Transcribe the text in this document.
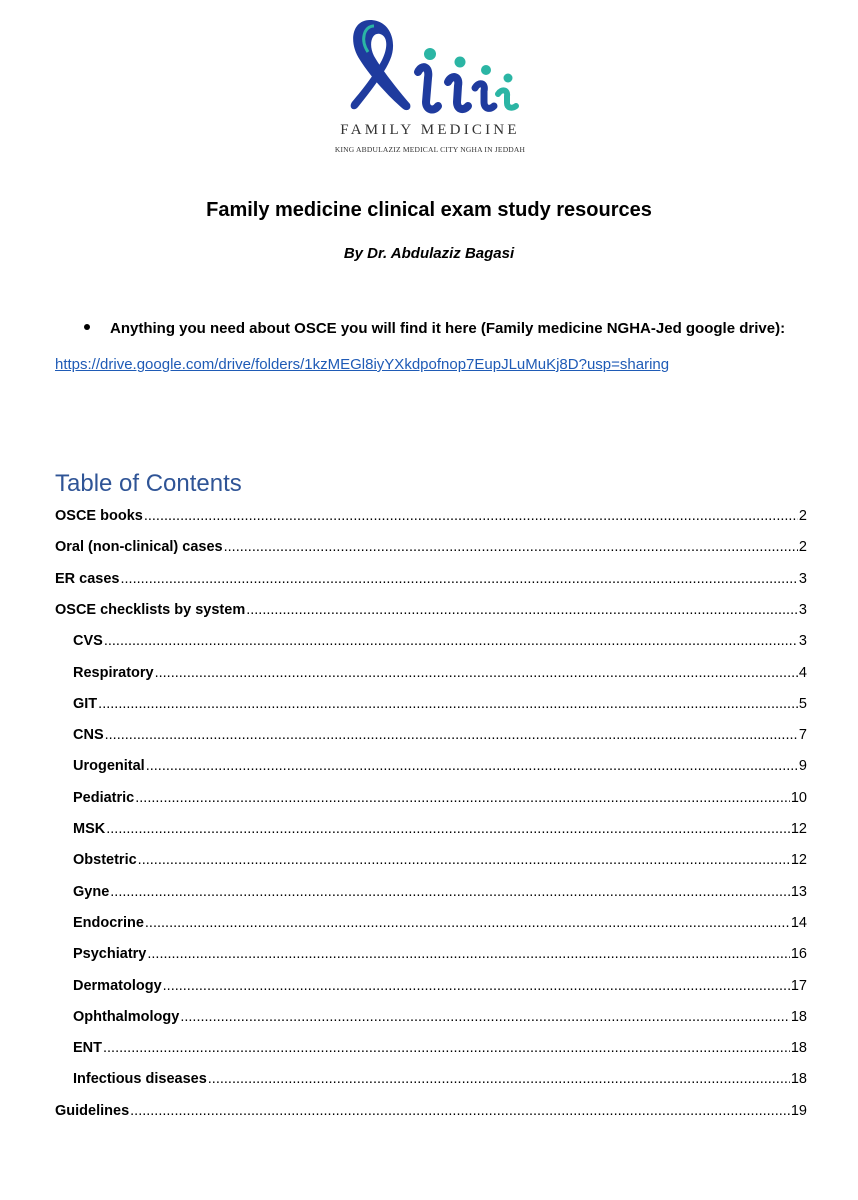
FAMILY MEDICINE
KING ABDULAZIZ MEDICAL CITY NGHA IN JEDDAH
Family medicine clinical exam study resources
By Dr. Abdulaziz Bagasi
Anything you need about OSCE you will find it here (Family medicine NGHA-Jed google drive):
https://drive.google.com/drive/folders/1kzMEGl8iyYXkdpofnop7EupJLuMuKj8D?usp=sharing
Table of Contents
OSCE books .....	2
Oral (non-clinical) cases .....	2
ER cases .....	3
OSCE checklists by system .....	3
CVS .....	3
Respiratory .....	4
GIT .....	5
CNS .....	7
Urogenital .....	9
Pediatric .....	10
MSK .....	12
Obstetric .....	12
Gyne .....	13
Endocrine .....	14
Psychiatry .....	16
Dermatology .....	17
Ophthalmology .....	18
ENT .....	18
Infectious diseases .....	18
Guidelines .....	19
